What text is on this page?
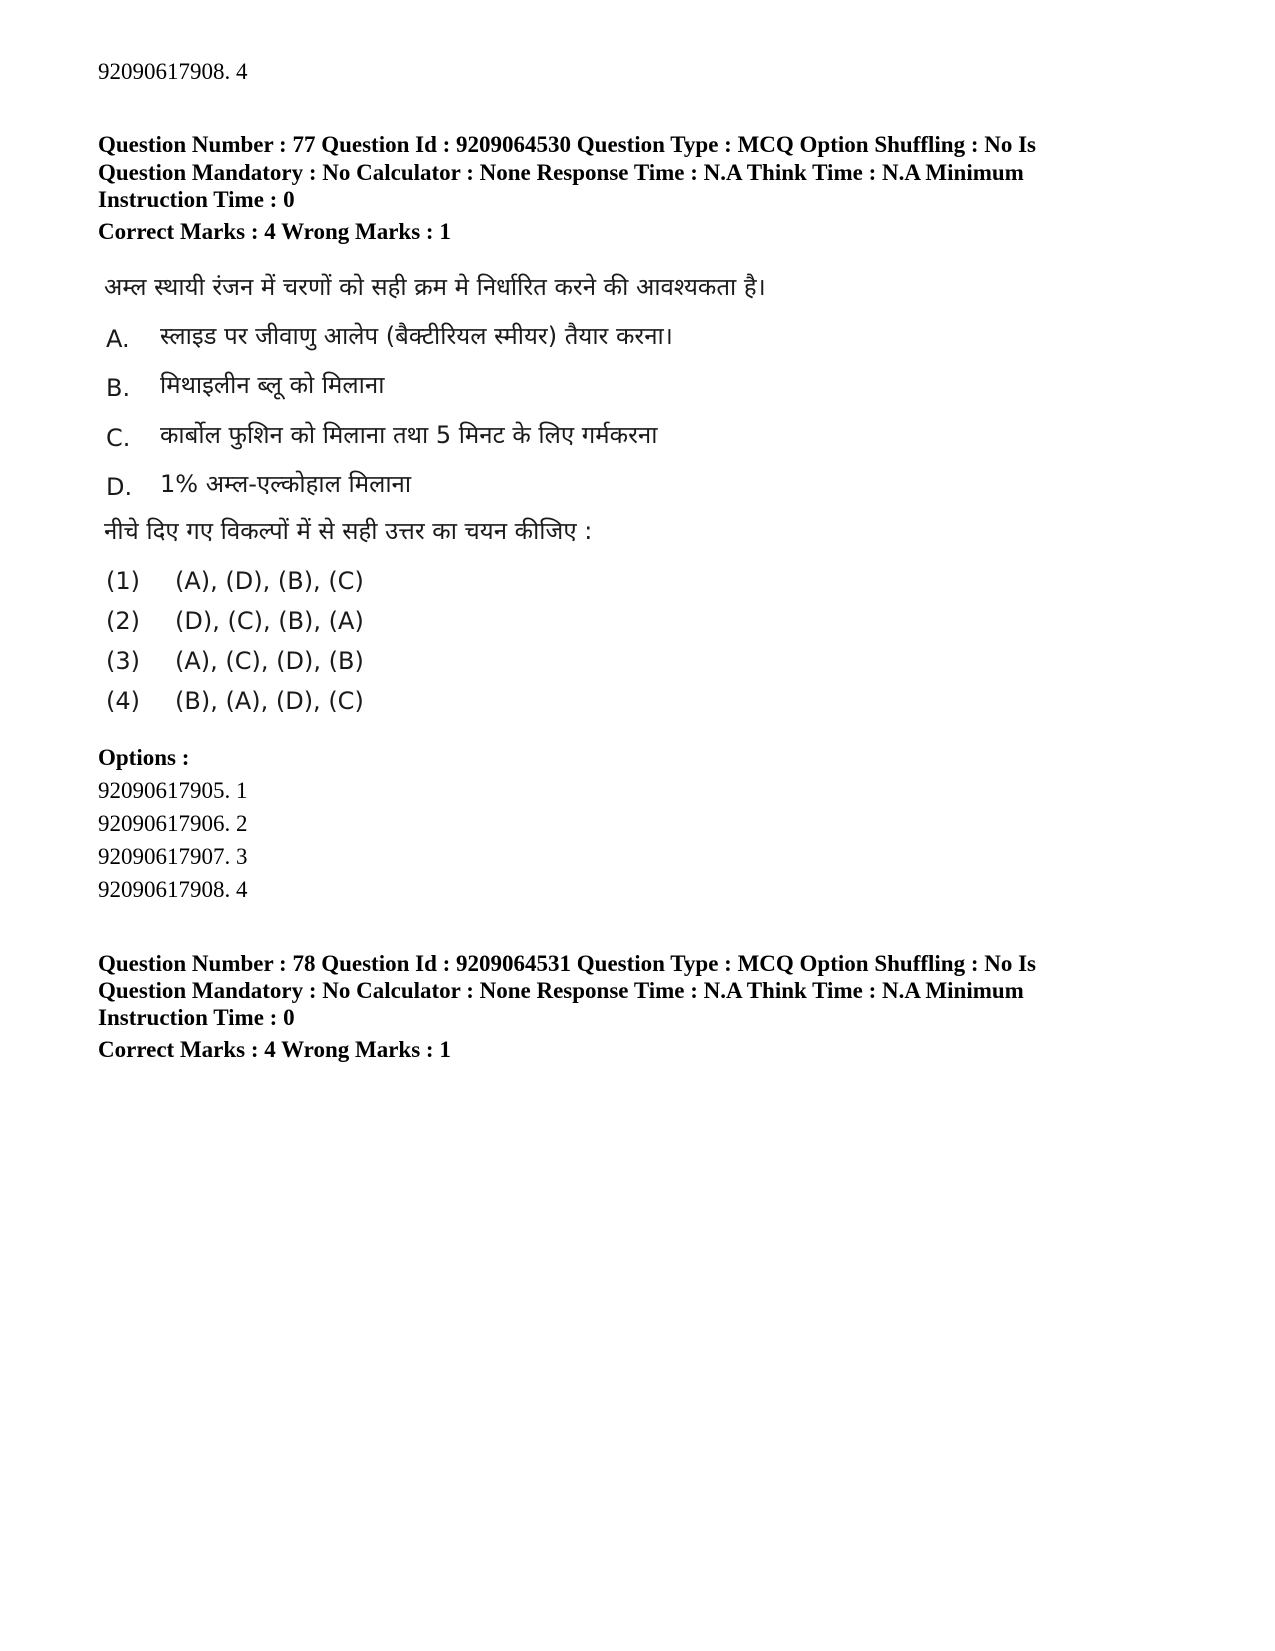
92090617908. 4
Question Number : 77 Question Id : 9209064530 Question Type : MCQ Option Shuffling : No Is
Question Mandatory : No Calculator : None Response Time : N.A Think Time : N.A Minimum
Instruction Time : 0
Correct Marks : 4 Wrong Marks : 1
अम्ल स्थायी रंजन में चरणों को सही क्रम मे निर्धारित करने की आवश्यकता है।
A. स्लाइड पर जीवाणु आलेप (बैक्टीरियल स्मीयर) तैयार करना।
B. मिथाइलीन ब्लू को मिलाना
C. कार्बोल फुशिन को मिलाना तथा 5 मिनट के लिए गर्मकरना
D. 1% अम्ल-एल्कोहाल मिलाना
नीचे दिए गए विकल्पों में से सही उत्तर का चयन कीजिए :
(1) (A), (D), (B), (C)
(2) (D), (C), (B), (A)
(3) (A), (C), (D), (B)
(4) (B), (A), (D), (C)
Options :
92090617905. 1
92090617906. 2
92090617907. 3
92090617908. 4
Question Number : 78 Question Id : 9209064531 Question Type : MCQ Option Shuffling : No Is
Question Mandatory : No Calculator : None Response Time : N.A Think Time : N.A Minimum
Instruction Time : 0
Correct Marks : 4 Wrong Marks : 1
